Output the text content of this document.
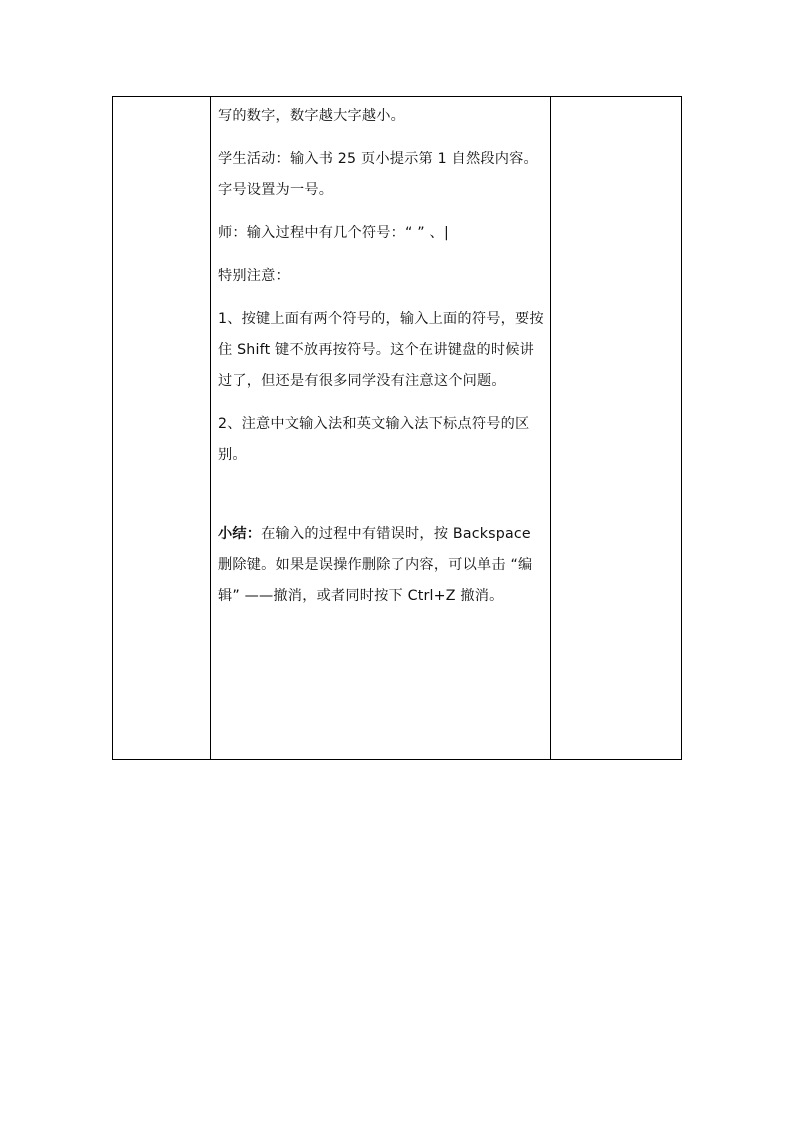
写的数字，数字越大字越小。

学生活动：输入书 25 页小提示第 1 自然段内容。字号设置为一号。

师：输入过程中有几个符号：“ ” 、|

特别注意：

1、按键上面有两个符号的，输入上面的符号，要按住 Shift 键不放再按符号。这个在讲键盘的时候讲过了，但还是有很多同学没有注意这个问题。

2、注意中文输入法和英文输入法下标点符号的区别。

小结：在输入的过程中有错误时，按 Backspace 删除键。如果是误操作删除了内容，可以单击 “编辑” ——撤消，或者同时按下 Ctrl+Z 撤消。
